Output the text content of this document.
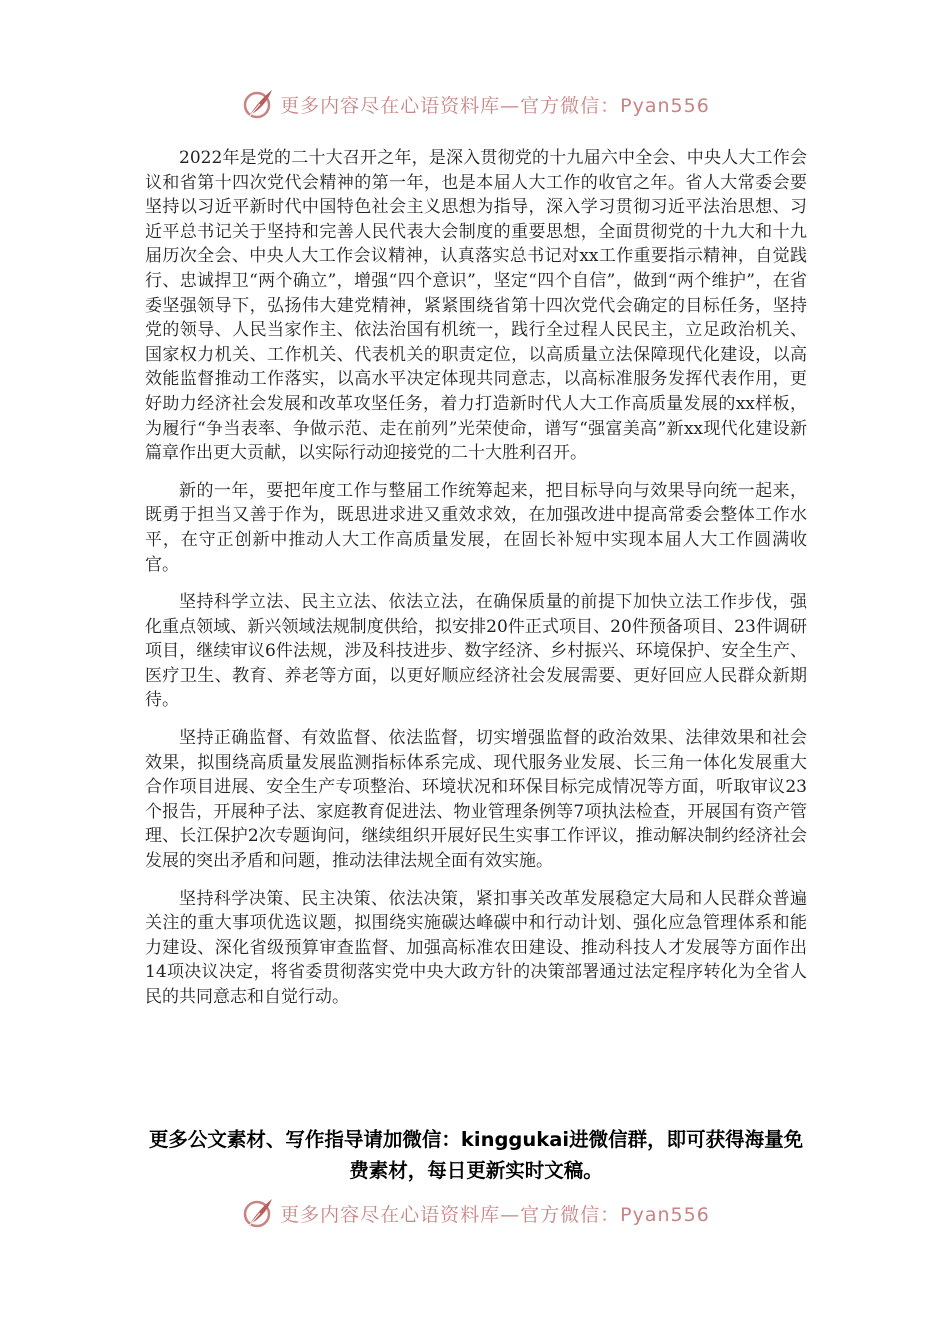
更多内容尽在心语资料库—官方微信：Pyan556

2022年是党的二十大召开之年，是深入贯彻党的十九届六中全会、中央人大工作会议和省第十四次党代会精神的第一年，也是本届人大工作的收官之年。省人大常委会要坚持以习近平新时代中国特色社会主义思想为指导，深入学习贯彻习近平法治思想、习近平总书记关于坚持和完善人民代表大会制度的重要思想，全面贯彻党的十九大和十九届历次全会、中央人大工作会议精神，认真落实总书记对xx工作重要指示精神，自觉践行、忠诚捍卫“两个确立”，增强“四个意识”，坚定“四个自信”，做到“两个维护”，在省委坚强领导下，弘扬伟大建党精神，紧紧围绕省第十四次党代会确定的目标任务，坚持党的领导、人民当家作主、依法治国有机统一，践行全过程人民民主，立足政治机关、国家权力机关、工作机关、代表机关的职责定位，以高质量立法保障现代化建设，以高效能监督推动工作落实，以高水平决定体现共同意志，以高标准服务发挥代表作用，更好助力经济社会发展和改革攻坚任务，着力打造新时代人大工作高质量发展的xx样板，为履行“争当表率、争做示范、走在前列”光荣使命，谱写“强富美高”新xx现代化建设新篇章作出更大贡献，以实际行动迎接党的二十大胜利召开。

新的一年，要把年度工作与整届工作统筹起来，把目标导向与效果导向统一起来，既勇于担当又善于作为，既思进求进又重效求效，在加强改进中提高常委会整体工作水平，在守正创新中推动人大工作高质量发展，在固长补短中实现本届人大工作圆满收官。

坚持科学立法、民主立法、依法立法，在确保质量的前提下加快立法工作步伐，强化重点领域、新兴领域法规制度供给，拟安排20件正式项目、20件预备项目、23件调研项目，继续审议6件法规，涉及科技进步、数字经济、乡村振兴、环境保护、安全生产、医疗卫生、教育、养老等方面，以更好顺应经济社会发展需要、更好回应人民群众新期待。

坚持正确监督、有效监督、依法监督，切实增强监督的政治效果、法律效果和社会效果，拟围绕高质量发展监测指标体系完成、现代服务业发展、长三角一体化发展重大合作项目进展、安全生产专项整治、环境状况和环保目标完成情况等方面，听取审议23个报告，开展种子法、家庭教育促进法、物业管理条例等7项执法检查，开展国有资产管理、长江保护2次专题询问，继续组织开展好民生实事工作评议，推动解决制约经济社会发展的突出矛盾和问题，推动法律法规全面有效实施。

坚持科学决策、民主决策、依法决策，紧扣事关改革发展稳定大局和人民群众普遍关注的重大事项优选议题，拟围绕实施碳达峰碳中和行动计划、强化应急管理体系和能力建设、深化省级预算审查监督、加强高标准农田建设、推动科技人才发展等方面作出14项决议决定，将省委贯彻落实党中央大政方针的决策部署通过法定程序转化为全省人民的共同意志和自觉行动。

更多公文素材、写作指导请加微信：kinggukai进微信群，即可获得海量免费素材，每日更新实时文稿。
更多内容尽在心语资料库—官方微信：Pyan556
